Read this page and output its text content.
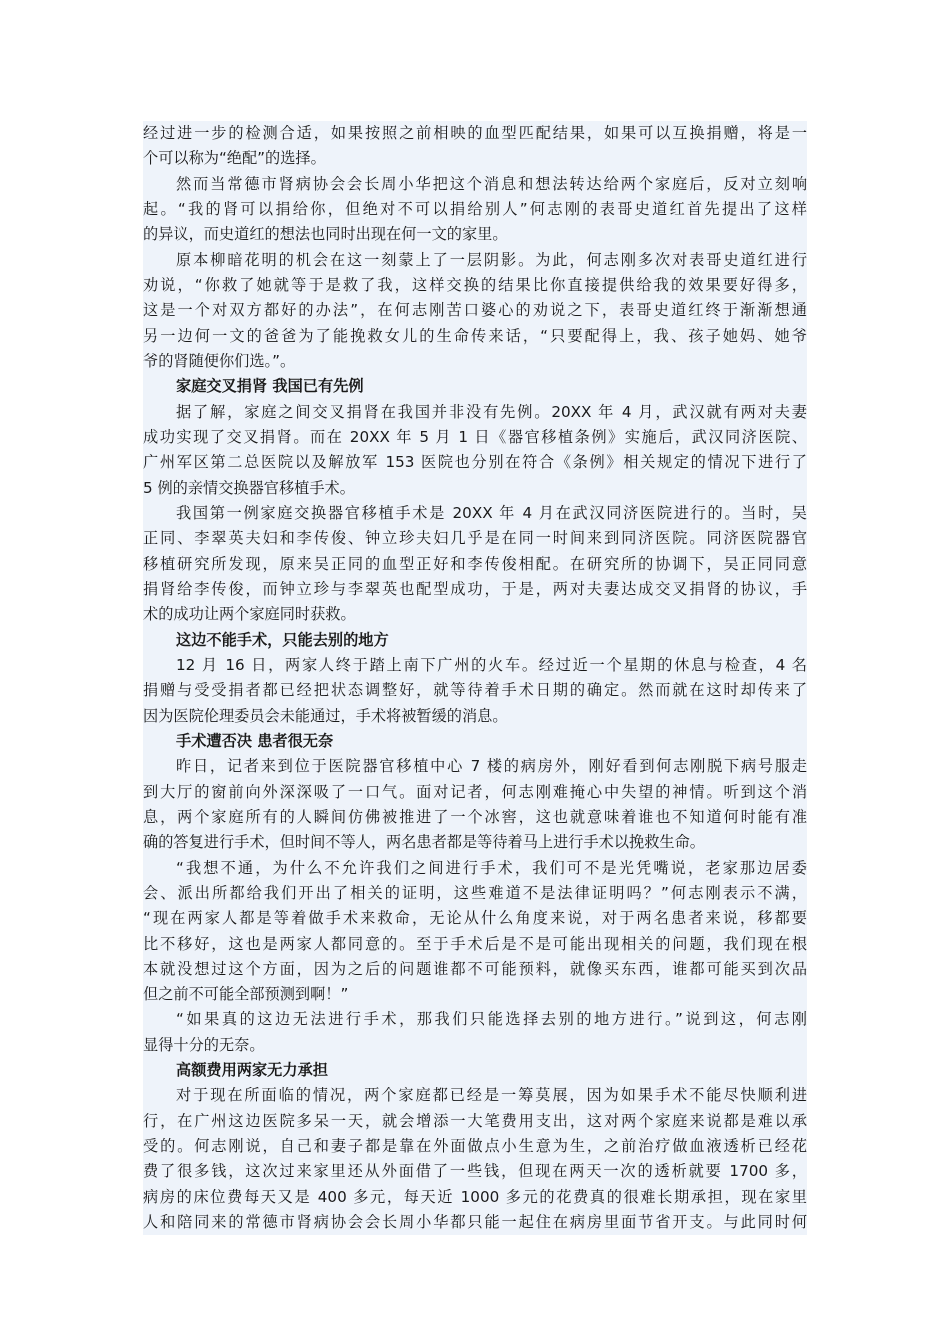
经过进一步的检测合适，如果按照之前相映的血型匹配结果，如果可以互换捐赠，将是一
个可以称为“绝配”的选择。
然而当常德市肾病协会会长周小华把这个消息和想法转达给两个家庭后，反对立刻响
起。“我的肾可以捐给你，但绝对不可以捐给别人”何志刚的表哥史道红首先提出了这样
的异议，而史道红的想法也同时出现在何一文的家里。
原本柳暗花明的机会在这一刻蒙上了一层阴影。为此，何志刚多次对表哥史道红进行
劝说，“你救了她就等于是救了我，这样交换的结果比你直接提供给我的效果要好得多，
这是一个对双方都好的办法”，在何志刚苦口婆心的劝说之下，表哥史道红终于渐渐想通
另一边何一文的爸爸为了能挽救女儿的生命传来话，“只要配得上，我、孩子她妈、她爷
爷的肾随便你们选。”。
家庭交叉捐肾 我国已有先例
据了解，家庭之间交叉捐肾在我国并非没有先例。20XX 年 4 月，武汉就有两对夫妻
成功实现了交叉捐肾。而在 20XX 年 5 月 1 日《器官移植条例》实施后，武汉同济医院、
广州军区第二总医院以及解放军 153 医院也分别在符合《条例》相关规定的情况下进行了
5 例的亲情交换器官移植手术。
我国第一例家庭交换器官移植手术是 20XX 年 4 月在武汉同济医院进行的。当时，吴
正同、李翠英夫妇和李传俊、钟立珍夫妇几乎是在同一时间来到同济医院。同济医院器官
移植研究所发现，原来吴正同的血型正好和李传俊相配。在研究所的协调下，吴正同同意
捐肾给李传俊，而钟立珍与李翠英也配型成功，于是，两对夫妻达成交叉捐肾的协议，手
术的成功让两个家庭同时获救。
这边不能手术，只能去别的地方
12 月 16 日，两家人终于踏上南下广州的火车。经过近一个星期的休息与检查，4 名
捐赠与受受捐者都已经把状态调整好，就等待着手术日期的确定。然而就在这时却传来了
因为医院伦理委员会未能通过，手术将被暂缓的消息。
手术遭否决 患者很无奈
昨日，记者来到位于医院器官移植中心 7 楼的病房外，刚好看到何志刚脱下病号服走
到大厅的窗前向外深深吸了一口气。面对记者，何志刚难掩心中失望的神情。听到这个消
息，两个家庭所有的人瞬间仿佛被推进了一个冰窖，这也就意味着谁也不知道何时能有准
确的答复进行手术，但时间不等人，两名患者都是等待着马上进行手术以挽救生命。
“我想不通，为什么不允许我们之间进行手术，我们可不是光凭嘴说，老家那边居委
会、派出所都给我们开出了相关的证明，这些难道不是法律证明吗？”何志刚表示不满，
“现在两家人都是等着做手术来救命，无论从什么角度来说，对于两名患者来说，移都要
比不移好，这也是两家人都同意的。至于手术后是不是可能出现相关的问题，我们现在根
本就没想过这个方面，因为之后的问题谁都不可能预料，就像买东西，谁都可能买到次品
但之前不可能全部预测到啊！”
“如果真的这边无法进行手术，那我们只能选择去别的地方进行。”说到这，何志刚
显得十分的无奈。
高额费用两家无力承担
对于现在所面临的情况，两个家庭都已经是一筹莫展，因为如果手术不能尽快顺利进
行，在广州这边医院多呆一天，就会增添一大笔费用支出，这对两个家庭来说都是难以承
受的。何志刚说，自己和妻子都是靠在外面做点小生意为生，之前治疗做血液透析已经花
费了很多钱，这次过来家里还从外面借了一些钱，但现在两天一次的透析就要 1700 多，
病房的床位费每天又是 400 多元，每天近 1000 多元的花费真的很难长期承担，现在家里
人和陪同来的常德市肾病协会会长周小华都只能一起住在病房里面节省开支。与此同时何
